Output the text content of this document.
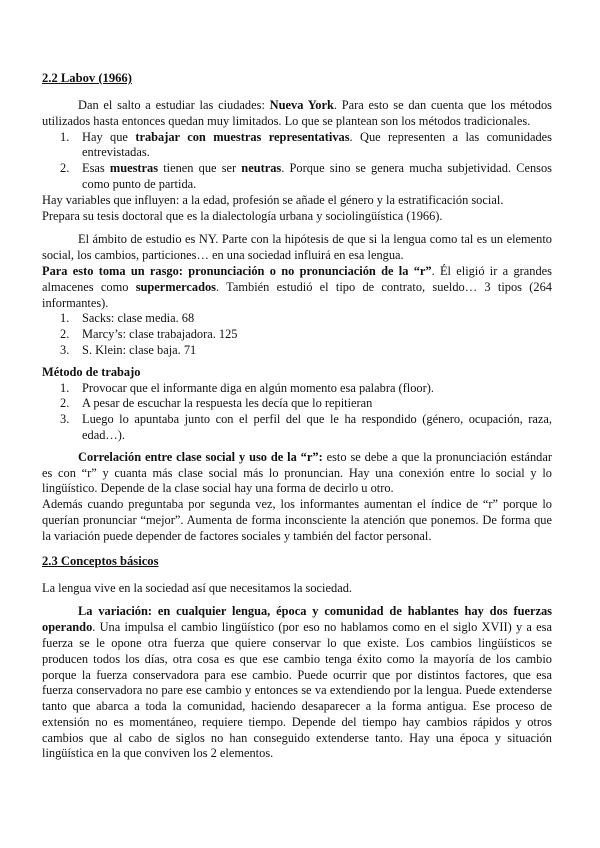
2.2 Labov (1966)

Dan el salto a estudiar las ciudades: Nueva York. Para esto se dan cuenta que los métodos utilizados hasta entonces quedan muy limitados. Lo que se plantean son los métodos tradicionales.

1. Hay que trabajar con muestras representativas. Que representen a las comunidades entrevistadas.
2. Esas muestras tienen que ser neutras. Porque sino se genera mucha subjetividad. Censos como punto de partida.

Hay variables que influyen: a la edad, profesión se añade el género y la estratificación social.

Prepara su tesis doctoral que es la dialectología urbana y sociolingüística (1966).

El ámbito de estudio es NY. Parte con la hipótesis de que si la lengua como tal es un elemento social, los cambios, particiones… en una sociedad influirá en esa lengua.

Para esto toma un rasgo: pronunciación o no pronunciación de la “r”. Él eligió ir a grandes almacenes como supermercados. También estudió el tipo de contrato, sueldo… 3 tipos (264 informantes).

1. Sacks: clase media. 68
2. Marcy’s: clase trabajadora. 125
3. S. Klein: clase baja. 71

Método de trabajo

1. Provocar que el informante diga en algún momento esa palabra (floor).
2. A pesar de escuchar la respuesta les decía que lo repitieran
3. Luego lo apuntaba junto con el perfil del que le ha respondido (género, ocupación, raza, edad…).

Correlación entre clase social y uso de la “r”: esto se debe a que la pronunciación estándar es con “r” y cuanta más clase social más lo pronuncian. Hay una conexión entre lo social y lo lingüístico. Depende de la clase social hay una forma de decirlo u otro.

Además cuando preguntaba por segunda vez, los informantes aumentan el índice de “r” porque lo querían pronunciar “mejor”. Aumenta de forma inconsciente la atención que ponemos. De forma que la variación puede depender de factores sociales y también del factor personal.

2.3 Conceptos básicos

La lengua vive en la sociedad así que necesitamos la sociedad.

La variación: en cualquier lengua, época y comunidad de hablantes hay dos fuerzas operando. Una impulsa el cambio lingüístico (por eso no hablamos como en el siglo XVII) y a esa fuerza se le opone otra fuerza que quiere conservar lo que existe. Los cambios lingüísticos se producen todos los días, otra cosa es que ese cambio tenga éxito como la mayoría de los cambio porque la fuerza conservadora para ese cambio. Puede ocurrir que por distintos factores, que esa fuerza conservadora no pare ese cambio y entonces se va extendiendo por la lengua. Puede extenderse tanto que abarca a toda la comunidad, haciendo desaparecer a la forma antigua. Ese proceso de extensión no es momentáneo, requiere tiempo. Depende del tiempo hay cambios rápidos y otros cambios que al cabo de siglos no han conseguido extenderse tanto. Hay una época y situación lingüística en la que conviven los 2 elementos.
